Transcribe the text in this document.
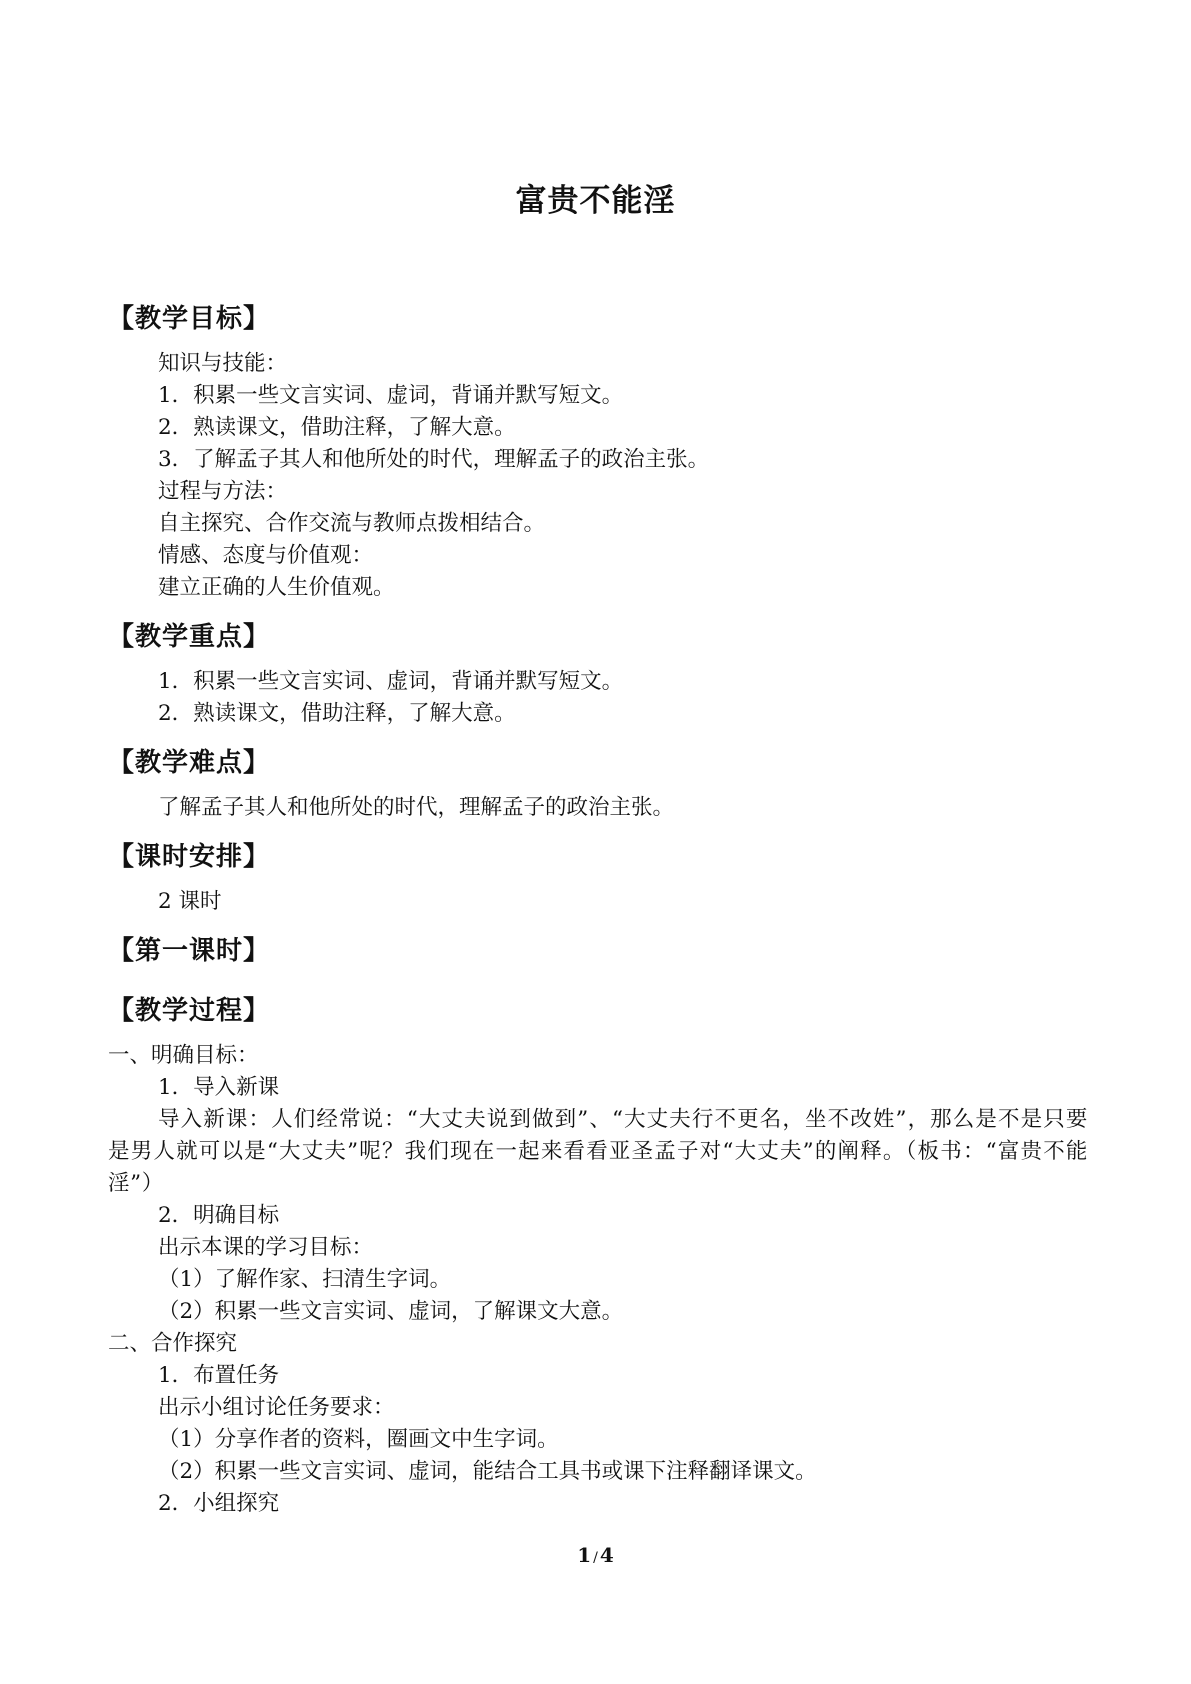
富贵不能淫

【教学目标】

知识与技能：

1．积累一些文言实词、虚词，背诵并默写短文。

2．熟读课文，借助注释，了解大意。

3．了解孟子其人和他所处的时代，理解孟子的政治主张。

过程与方法：

自主探究、合作交流与教师点拨相结合。

情感、态度与价值观：

建立正确的人生价值观。

【教学重点】

1．积累一些文言实词、虚词，背诵并默写短文。

2．熟读课文，借助注释，了解大意。

【教学难点】

了解孟子其人和他所处的时代，理解孟子的政治主张。

【课时安排】

2 课时

【第一课时】

【教学过程】

一、明确目标：

1．导入新课

导入新课：人们经常说：“大丈夫说到做到”、“大丈夫行不更名，坐不改姓”，那么是不是只要是男人就可以是“大丈夫”呢？我们现在一起来看看亚圣孟子对“大丈夫”的阐释。（板书：“富贵不能淫”）

2．明确目标

出示本课的学习目标：

（1）了解作家、扫清生字词。

（2）积累一些文言实词、虚词，了解课文大意。

二、合作探究

1．布置任务

出示小组讨论任务要求：

（1）分享作者的资料，圈画文中生字词。

（2）积累一些文言实词、虚词，能结合工具书或课下注释翻译课文。

2．小组探究

1 / 4
